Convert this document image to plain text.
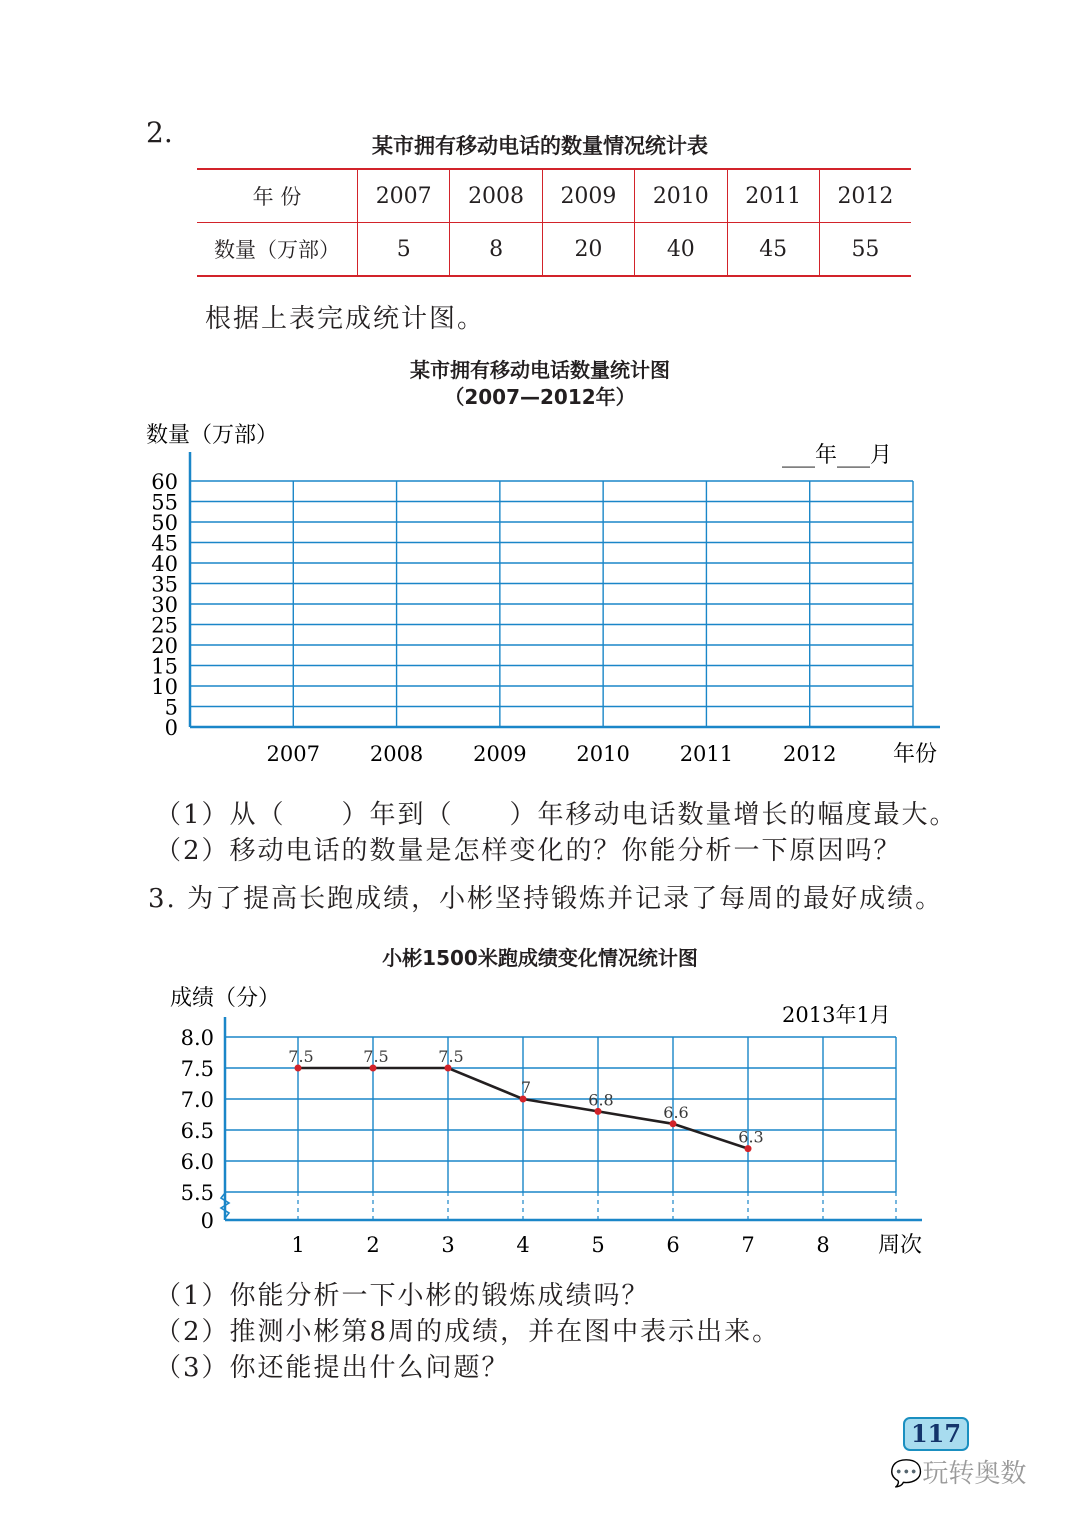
2.	某市拥有移动电话的数量情况统计表
年 份	2007	2008	2009	2010	2011	2012
数量（万部）	5	8	20	40	45	55
根据上表完成统计图。
某市拥有移动电话数量统计图
（2007—2012年）
数量（万部）
___年___月
0
5
10
15
20
25
30
35
40
45
50
55
60
2007 2008 2009 2010 2011 2012	年份
（1）从（　　）年到（　　）年移动电话数量增长的幅度最大。
（2）移动电话的数量是怎样变化的？你能分析一下原因吗？
3. 为了提高长跑成绩，小彬坚持锻炼并记录了每周的最好成绩。
小彬1500米跑成绩变化情况统计图
成绩（分）
2013年1月
0
5.5
6.0
6.5
7.0
7.5
8.0
1	2	3	4	5	6	7	8
7.5	7.5	7.5
7
6.8
6.6
6.3
周次
（1）你能分析一下小彬的锻炼成绩吗？
（2）推测小彬第8周的成绩，并在图中表示出来。
（3）你还能提出什么问题？
117
💬玩转奥数
